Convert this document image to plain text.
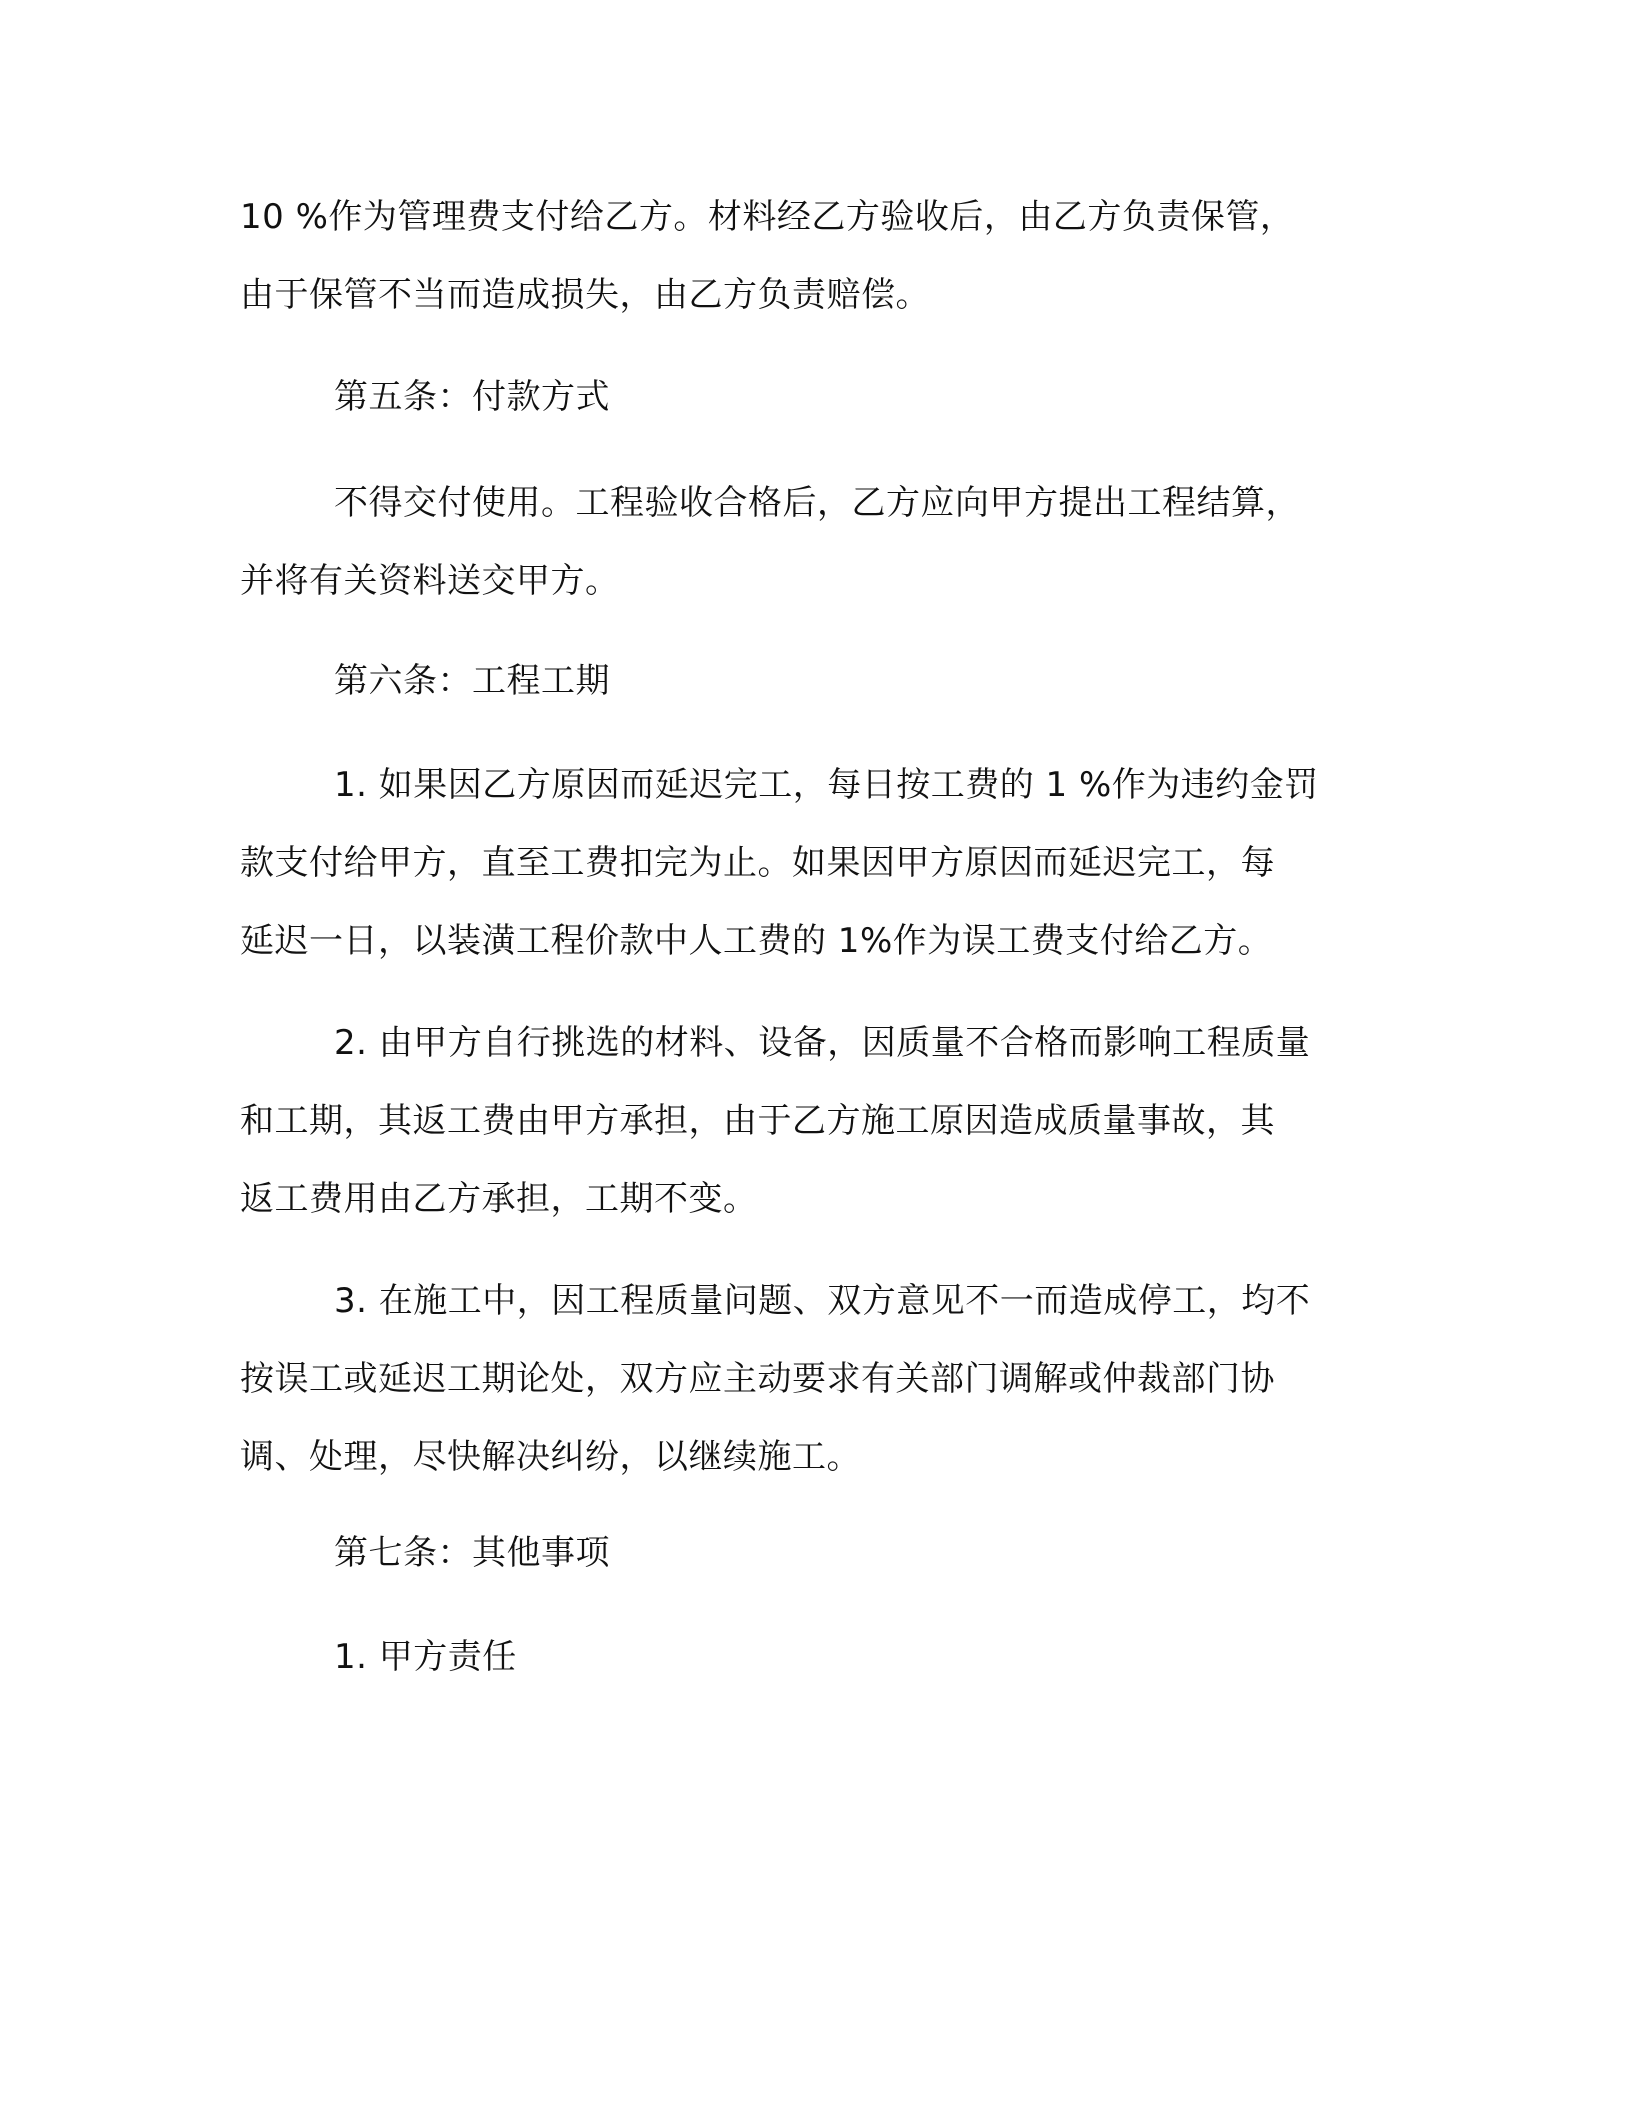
10 %作为管理费支付给乙方。材料经乙方验收后，由乙方负责保管，
由于保管不当而造成损失，由乙方负责赔偿。

第五条：付款方式

不得交付使用。工程验收合格后，乙方应向甲方提出工程结算，
并将有关资料送交甲方。

第六条：工程工期

1. 如果因乙方原因而延迟完工，每日按工费的 1 %作为违约金罚
款支付给甲方，直至工费扣完为止。如果因甲方原因而延迟完工，每
延迟一日，以装潢工程价款中人工费的 1%作为误工费支付给乙方。

2. 由甲方自行挑选的材料、设备，因质量不合格而影响工程质量
和工期，其返工费由甲方承担，由于乙方施工原因造成质量事故，其
返工费用由乙方承担，工期不变。

3. 在施工中，因工程质量问题、双方意见不一而造成停工，均不
按误工或延迟工期论处，双方应主动要求有关部门调解或仲裁部门协
调、处理，尽快解决纠纷，以继续施工。

第七条：其他事项

1. 甲方责任
